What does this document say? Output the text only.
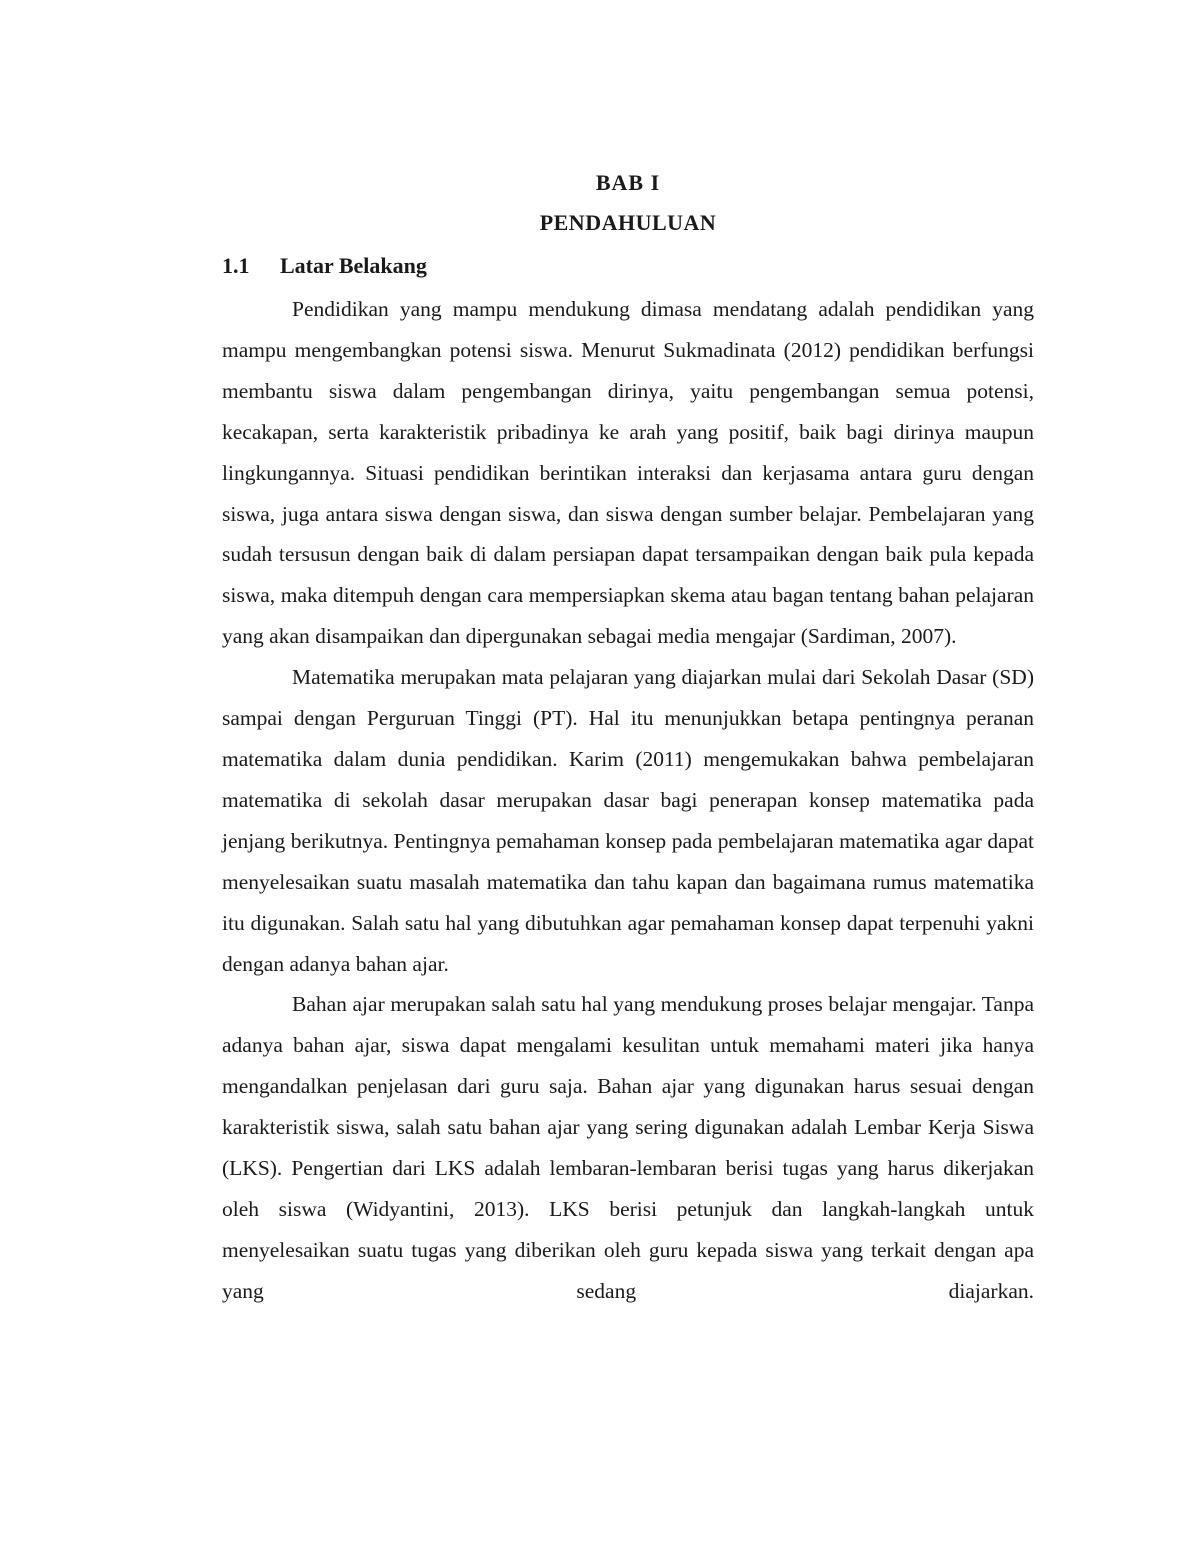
BAB I
PENDAHULUAN
1.1 Latar Belakang

Pendidikan yang mampu mendukung dimasa mendatang adalah pendidikan yang mampu mengembangkan potensi siswa. Menurut Sukmadinata (2012) pendidikan berfungsi membantu siswa dalam pengembangan dirinya, yaitu pengembangan semua potensi, kecakapan, serta karakteristik pribadinya ke arah yang positif, baik bagi dirinya maupun lingkungannya. Situasi pendidikan berintikan interaksi dan kerjasama antara guru dengan siswa, juga antara siswa dengan siswa, dan siswa dengan sumber belajar. Pembelajaran yang sudah tersusun dengan baik di dalam persiapan dapat tersampaikan dengan baik pula kepada siswa, maka ditempuh dengan cara mempersiapkan skema atau bagan tentang bahan pelajaran yang akan disampaikan dan dipergunakan sebagai media mengajar (Sardiman, 2007).

Matematika merupakan mata pelajaran yang diajarkan mulai dari Sekolah Dasar (SD) sampai dengan Perguruan Tinggi (PT). Hal itu menunjukkan betapa pentingnya peranan matematika dalam dunia pendidikan. Karim (2011) mengemukakan bahwa pembelajaran matematika di sekolah dasar merupakan dasar bagi penerapan konsep matematika pada jenjang berikutnya. Pentingnya pemahaman konsep pada pembelajaran matematika agar dapat menyelesaikan suatu masalah matematika dan tahu kapan dan bagaimana rumus matematika itu digunakan. Salah satu hal yang dibutuhkan agar pemahaman konsep dapat terpenuhi yakni dengan adanya bahan ajar.

Bahan ajar merupakan salah satu hal yang mendukung proses belajar mengajar. Tanpa adanya bahan ajar, siswa dapat mengalami kesulitan untuk memahami materi jika hanya mengandalkan penjelasan dari guru saja. Bahan ajar yang digunakan harus sesuai dengan karakteristik siswa, salah satu bahan ajar yang sering digunakan adalah Lembar Kerja Siswa (LKS). Pengertian dari LKS adalah lembaran-lembaran berisi tugas yang harus dikerjakan oleh siswa (Widyantini, 2013). LKS berisi petunjuk dan langkah-langkah untuk menyelesaikan suatu tugas yang diberikan oleh guru kepada siswa yang terkait dengan apa yang sedang diajarkan.
